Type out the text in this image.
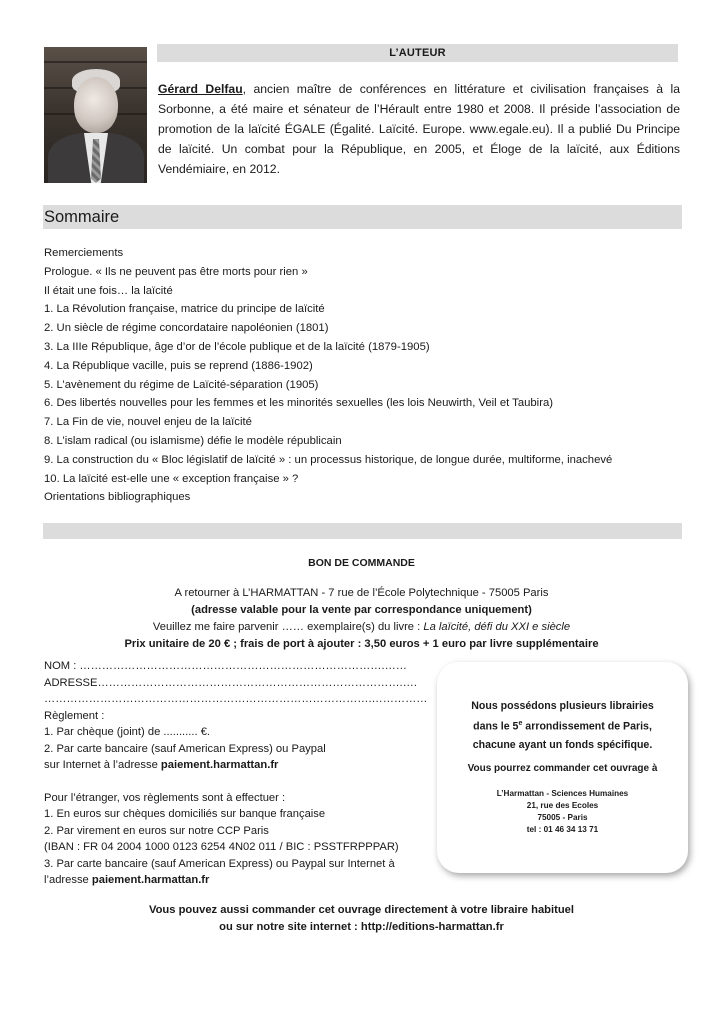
L’AUTEUR

Gérard Delfau, ancien maître de conférences en littérature et civilisation françaises à la Sorbonne, a été maire et sénateur de l’Hérault entre 1980 et 2008. Il préside l’association de promotion de la laïcité ÉGALE (Égalité. Laïcité. Europe. www.egale.eu). Il a publié Du Principe de laïcité. Un combat pour la République, en 2005, et Éloge de la laïcité, aux Éditions Vendémiaire, en 2012.

Sommaire
Remerciements
Prologue. « Ils ne peuvent pas être morts pour rien »
Il était une fois… la laïcité
1. La Révolution française, matrice du principe de laïcité
2. Un siècle de régime concordataire napoléonien (1801)
3. La IIIe République, âge d’or de l’école publique et de la laïcité (1879-1905)
4. La République vacille, puis se reprend (1886-1902)
5. L’avènement du régime de Laïcité-séparation (1905)
6. Des libertés nouvelles pour les femmes et les minorités sexuelles (les lois Neuwirth, Veil et Taubira)
7. La Fin de vie, nouvel enjeu de la laïcité
8. L’islam radical (ou islamisme) défie le modèle républicain
9. La construction du « Bloc législatif de laïcité » : un processus historique, de longue durée, multiforme, inachevé
10. La laïcité est-elle une « exception française » ?
Orientations bibliographiques
BON DE COMMANDE
A retourner à L’HARMATTAN - 7 rue de l’École Polytechnique - 75005 Paris
(adresse valable pour la vente par correspondance uniquement)
Veuillez me faire parvenir …… exemplaire(s) du livre : La laïcité, défi du XXI e siècle
Prix unitaire de 20 € ; frais de port à ajouter : 3,50 euros + 1 euro par livre supplémentaire
NOM : ……………………………………………………………………….……
ADRESSE……………………………………………………………………….….
…………………………………………………………………………….……………
Règlement :
1. Par chèque (joint) de ........... €.
2. Par carte bancaire (sauf American Express) ou Paypal
sur Internet à l’adresse paiement.harmattan.fr
Pour l’étranger, vos règlements sont à effectuer :
1. En euros sur chèques domiciliés sur banque française
2. Par virement en euros sur notre CCP Paris
(IBAN : FR 04 2004 1000 0123 6254 4N02 011 / BIC : PSSTFRPPPAR)
3. Par carte bancaire (sauf American Express) ou Paypal sur Internet à
l’adresse paiement.harmattan.fr
Nous possédons plusieurs librairies
dans le 5e arrondissement de Paris,
chacune ayant un fonds spécifique.
Vous pourrez commander cet ouvrage à
L’Harmattan - Sciences Humaines
21, rue des Ecoles
75005 - Paris
tel : 01 46 34 13 71
Vous pouvez aussi commander cet ouvrage directement à votre libraire habituel
ou sur notre site internet : http://editions-harmattan.fr
